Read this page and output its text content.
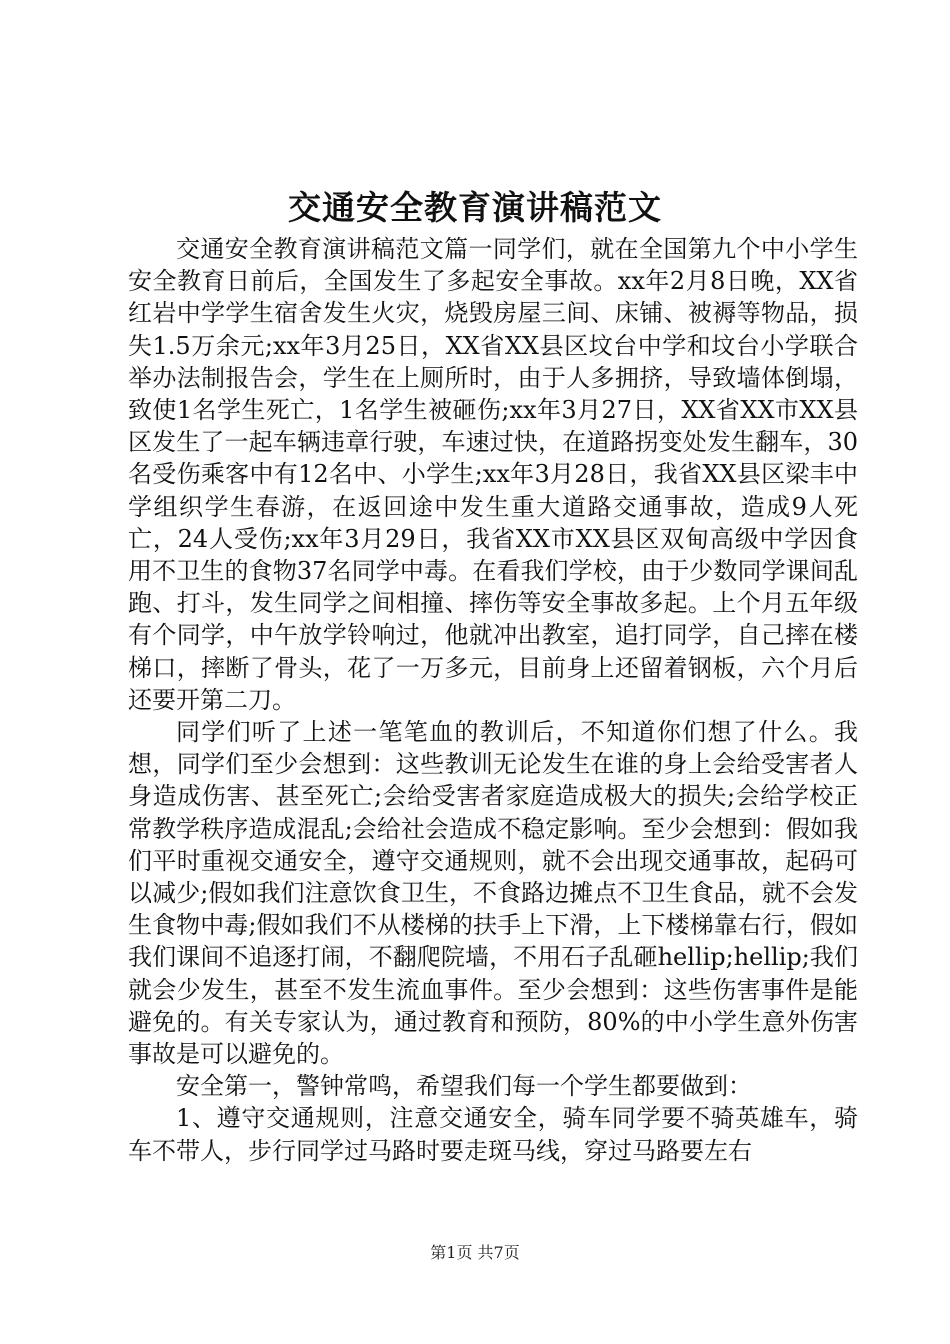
交通安全教育演讲稿范文

交通安全教育演讲稿范文篇一同学们，就在全国第九个中小学生安全教育日前后，全国发生了多起安全事故。xx年2月8日晚，XX省红岩中学学生宿舍发生火灾，烧毁房屋三间、床铺、被褥等物品，损失1.5万余元;xx年3月25日，XX省XX县区坟台中学和坟台小学联合举办法制报告会，学生在上厕所时，由于人多拥挤，导致墙体倒塌，致使1名学生死亡，1名学生被砸伤;xx年3月27日，XX省XX市XX县区发生了一起车辆违章行驶，车速过快，在道路拐变处发生翻车，30名受伤乘客中有12名中、小学生;xx年3月28日，我省XX县区梁丰中学组织学生春游，在返回途中发生重大道路交通事故，造成9人死亡，24人受伤;xx年3月29日，我省XX市XX县区双甸高级中学因食用不卫生的食物37名同学中毒。在看我们学校，由于少数同学课间乱跑、打斗，发生同学之间相撞、摔伤等安全事故多起。上个月五年级有个同学，中午放学铃响过，他就冲出教室，追打同学，自己摔在楼梯口，摔断了骨头，花了一万多元，目前身上还留着钢板，六个月后还要开第二刀。

同学们听了上述一笔笔血的教训后，不知道你们想了什么。我想，同学们至少会想到：这些教训无论发生在谁的身上会给受害者人身造成伤害、甚至死亡;会给受害者家庭造成极大的损失;会给学校正常教学秩序造成混乱;会给社会造成不稳定影响。至少会想到：假如我们平时重视交通安全，遵守交通规则，就不会出现交通事故，起码可以减少;假如我们注意饮食卫生，不食路边摊点不卫生食品，就不会发生食物中毒;假如我们不从楼梯的扶手上下滑，上下楼梯靠右行，假如我们课间不追逐打闹，不翻爬院墙，不用石子乱砸hellip;hellip;我们就会少发生，甚至不发生流血事件。至少会想到：这些伤害事件是能避免的。有关专家认为，通过教育和预防，80%的中小学生意外伤害事故是可以避免的。

安全第一，警钟常鸣，希望我们每一个学生都要做到：

1、遵守交通规则，注意交通安全，骑车同学要不骑英雄车，骑车不带人，步行同学过马路时要走斑马线，穿过马路要左右

第1页 共7页
